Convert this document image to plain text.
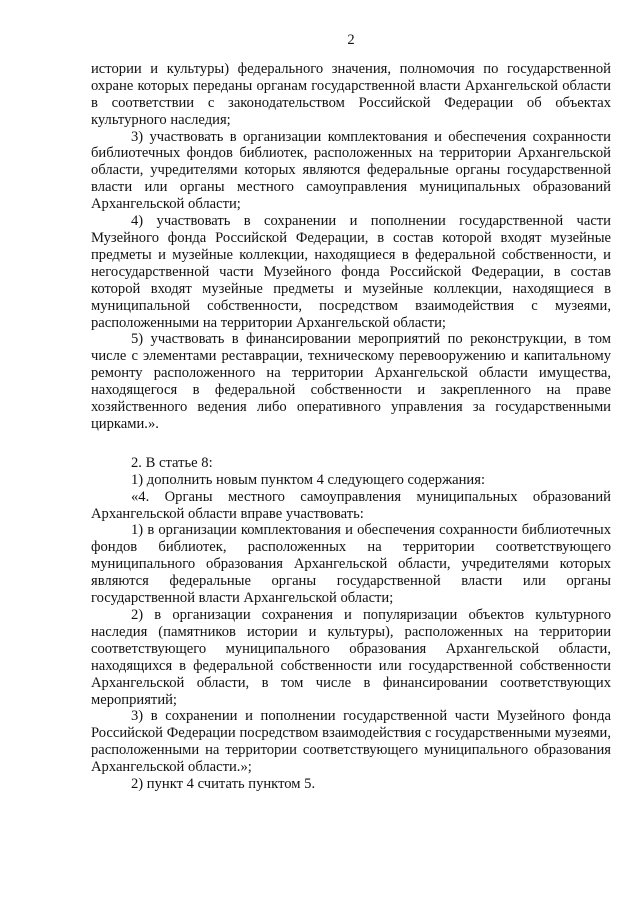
2

истории и культуры) федерального значения, полномочия по государственной охране которых переданы органам государственной власти Архангельской области в соответствии с законодательством Российской Федерации об объектах культурного наследия;

3) участвовать в организации комплектования и обеспечения сохранности библиотечных фондов библиотек, расположенных на территории Архангельской области, учредителями которых являются федеральные органы государственной власти или органы местного самоуправления муниципальных образований Архангельской области;

4) участвовать в сохранении и пополнении государственной части Музейного фонда Российской Федерации, в состав которой входят музейные предметы и музейные коллекции, находящиеся в федеральной собственности, и негосударственной части Музейного фонда Российской Федерации, в состав которой входят музейные предметы и музейные коллекции, находящиеся в муниципальной собственности, посредством взаимодействия с музеями, расположенными на территории Архангельской области;

5) участвовать в финансировании мероприятий по реконструкции, в том числе с элементами реставрации, техническому перевооружению и капитальному ремонту расположенного на территории Архангельской области имущества, находящегося в федеральной собственности и закрепленного на праве хозяйственного ведения либо оперативного управления за государственными цирками.».

2. В статье 8:

1) дополнить новым пунктом 4 следующего содержания:

«4. Органы местного самоуправления муниципальных образований Архангельской области вправе участвовать:

1) в организации комплектования и обеспечения сохранности библиотечных фондов библиотек, расположенных на территории соответствующего муниципального образования Архангельской области, учредителями которых являются федеральные органы государственной власти или органы государственной власти Архангельской области;

2) в организации сохранения и популяризации объектов культурного наследия (памятников истории и культуры), расположенных на территории соответствующего муниципального образования Архангельской области, находящихся в федеральной собственности или государственной собственности Архангельской области, в том числе в финансировании соответствующих мероприятий;

3) в сохранении и пополнении государственной части Музейного фонда Российской Федерации посредством взаимодействия с государственными музеями, расположенными на территории соответствующего муниципального образования Архангельской области.»;

2) пункт 4 считать пунктом 5.
